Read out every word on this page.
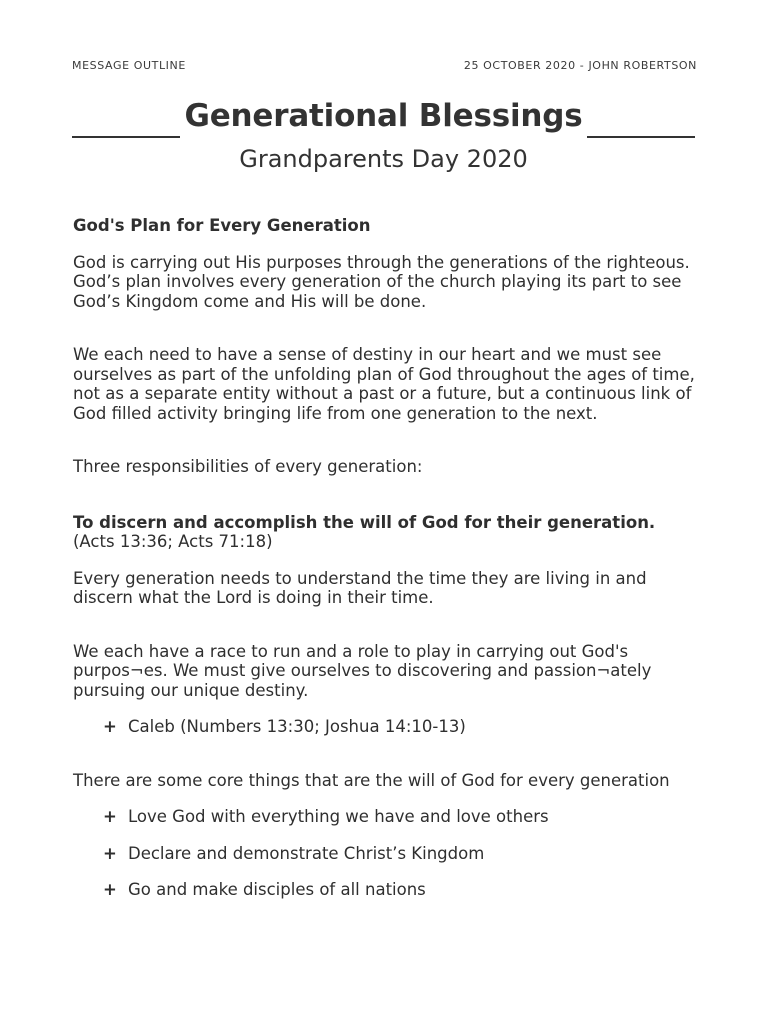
MESSAGE OUTLINE	25 OCTOBER 2020 - JOHN ROBERTSON
Generational Blessings
Grandparents Day 2020
God's Plan for Every Generation

God is carrying out His purposes through the generations of the righteous. God’s plan involves every generation of the church playing its part to see God’s Kingdom come and His will be done.

We each need to have a sense of destiny in our heart and we must see ourselves as part of the unfolding plan of God throughout the ages of time, not as a separate entity without a past or a future, but a continuous link of God filled activity bringing life from one generation to the next.

Three responsibilities of every generation:

To discern and accomplish the will of God for their generation. (Acts 13:36; Acts 71:18)

Every generation needs to understand the time they are living in and discern what the Lord is doing in their time.

We each have a race to run and a role to play in carrying out God's purpos¬es. We must give ourselves to discovering and passion¬ately pursuing our unique destiny.

+ Caleb (Numbers 13:30; Joshua 14:10-13)

There are some core things that are the will of God for every generation

+ Love God with everything we have and love others
+ Declare and demonstrate Christ’s Kingdom
+ Go and make disciples of all nations
